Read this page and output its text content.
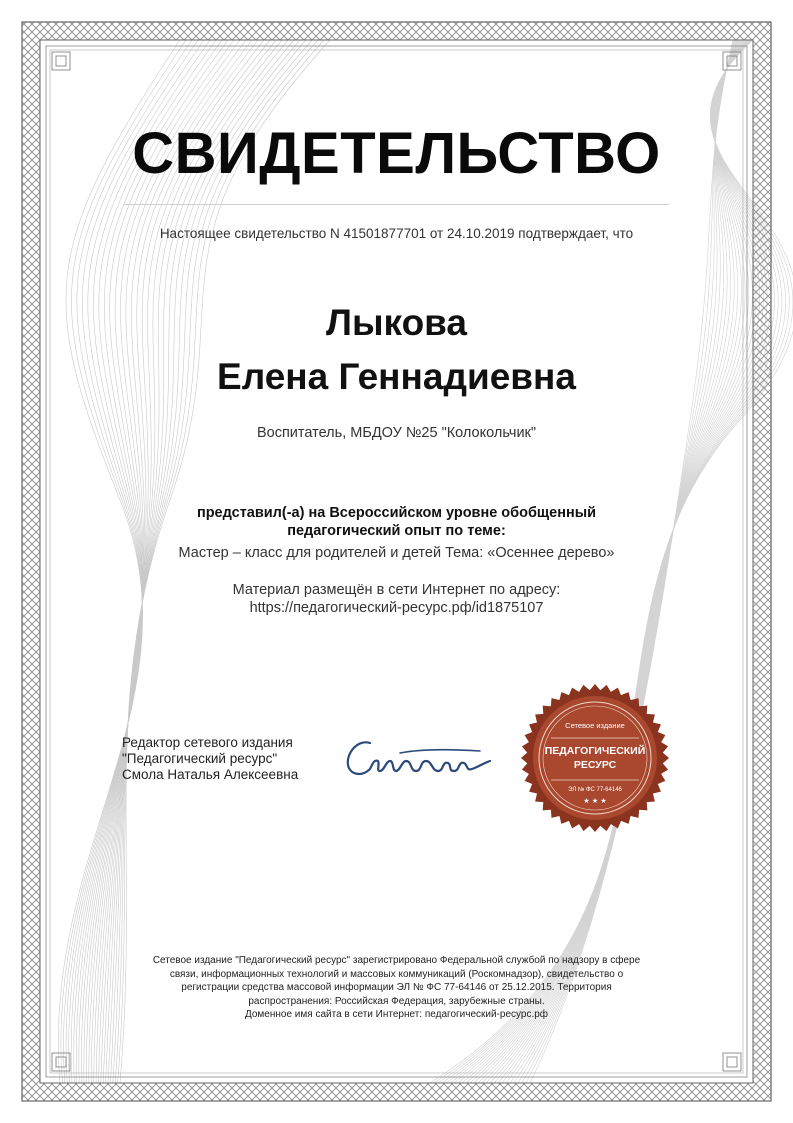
СВИДЕТЕЛЬСТВО
Настоящее свидетельство N 41501877701 от 24.10.2019 подтверждает, что
Лыкова
Елена Геннадиевна
Воспитатель, МБДОУ №25 "Колокольчик"
представил(-а) на Всероссийском уровне обобщенный
педагогический опыт по теме:
Мастер – класс для родителей и детей Тема: «Осеннее дерево»
Материал размещён в сети Интернет по адресу:
https://педагогический-ресурс.рф/id1875107
Редактор сетевого издания
"Педагогический ресурс"
Смола Наталья Алексеевна
Сетевое издание
ПЕДАГОГИЧЕСКИЙ
РЕСУРС
ЭЛ № ФС 77-64146
★ ★ ★
Сетевое издание "Педагогический ресурс" зарегистрировано Федеральной службой по надзору в сфере
связи, информационных технологий и массовых коммуникаций (Роскомнадзор), свидетельство о
регистрации средства массовой информации ЭЛ № ФС 77-64146 от 25.12.2015. Территория
распространения: Российская Федерация, зарубежные страны.
Доменное имя сайта в сети Интернет: педагогический-ресурс.рф
